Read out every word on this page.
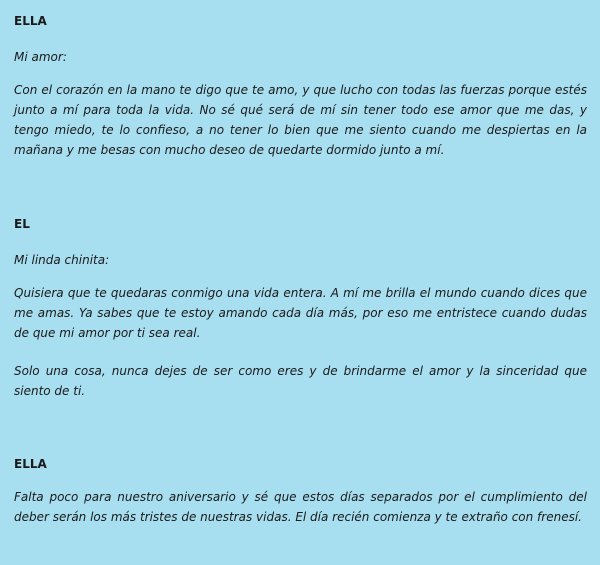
ELLA

Mi amor:

Con el corazón en la mano te digo que te amo, y que lucho con todas las fuerzas porque estés junto a mí para toda la vida. No sé qué será de mí sin tener todo ese amor que me das, y tengo miedo, te lo confieso, a no tener lo bien que me siento cuando me despiertas en la mañana y me besas con mucho deseo de quedarte dormido junto a mí.

EL

Mi linda chinita:

Quisiera que te quedaras conmigo una vida entera. A mí me brilla el mundo cuando dices que me amas. Ya sabes que te estoy amando cada día más, por eso me entristece cuando dudas de que mi amor por ti sea real.

Solo una cosa, nunca dejes de ser como eres y de brindarme el amor y la sinceridad que siento de ti.

ELLA

Falta poco para nuestro aniversario y sé que estos días separados por el cumplimiento del deber serán los más tristes de nuestras vidas. El día recién comienza y te extraño con frenesí.
